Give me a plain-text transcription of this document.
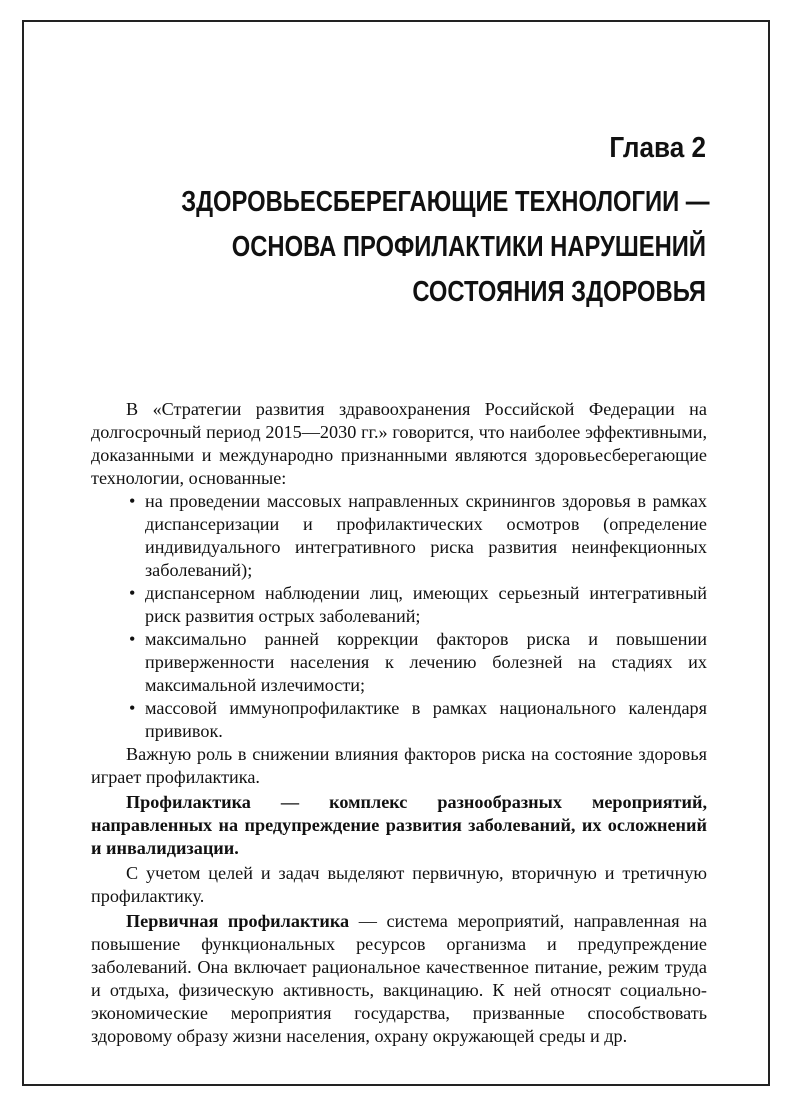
Глава 2
ЗДОРОВЬЕСБЕРЕГАЮЩИЕ ТЕХНОЛОГИИ —
ОСНОВА ПРОФИЛАКТИКИ НАРУШЕНИЙ
СОСТОЯНИЯ ЗДОРОВЬЯ

В «Стратегии развития здравоохранения Российской Федерации на долгосрочный период 2015—2030 гг.» говорится, что наиболее эффективными, доказанными и международно признанными являются здоровьесберегающие технологии, основанные:

• на проведении массовых направленных скринингов здоровья в рамках диспансеризации и профилактических осмотров (определение индивидуального интегративного риска развития неинфекционных заболеваний);
• диспансерном наблюдении лиц, имеющих серьезный интегративный риск развития острых заболеваний;
• максимально ранней коррекции факторов риска и повышении приверженности населения к лечению болезней на стадиях их максимальной излечимости;
• массовой иммунопрофилактике в рамках национального календаря прививок.

Важную роль в снижении влияния факторов риска на состояние здоровья играет профилактика.

Профилактика — комплекс разнообразных мероприятий, направленных на предупреждение развития заболеваний, их осложнений и инвалидизации.

С учетом целей и задач выделяют первичную, вторичную и третичную профилактику.

Первичная профилактика — система мероприятий, направленная на повышение функциональных ресурсов организма и предупреждение заболеваний. Она включает рациональное качественное питание, режим труда и отдыха, физическую активность, вакцинацию. К ней относят социально-экономические мероприятия государства, призванные способствовать здоровому образу жизни населения, охрану окружающей среды и др.
